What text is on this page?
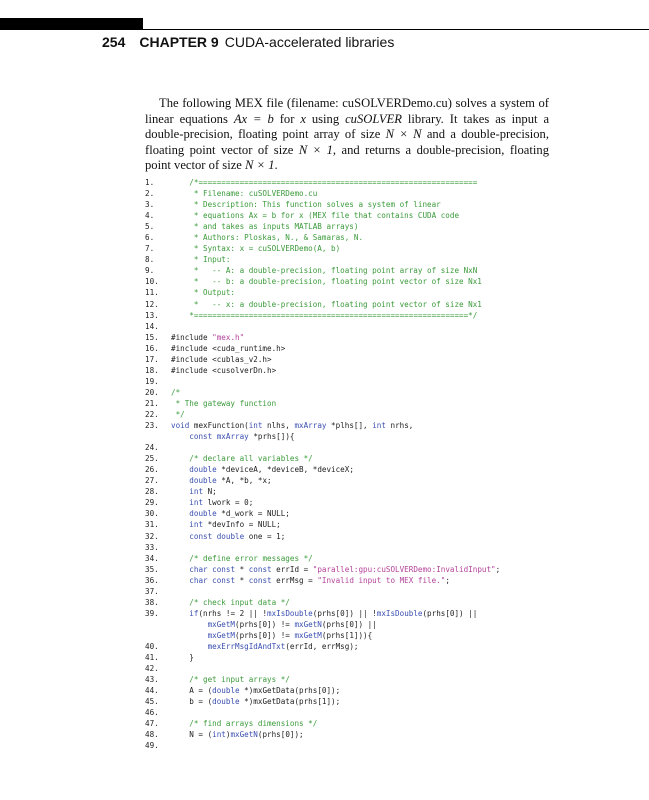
254 CHAPTER 9 CUDA-accelerated libraries

The following MEX file (filename: cuSOLVERDemo.cu) solves a system of linear equations Ax = b for x using cuSOLVER library. It takes as input a double-precision, floating point array of size N × N and a double-precision, floating point vector of size N × 1, and returns a double-precision, floating point vector of size N × 1.

1.	/*=============================================================
2.	* Filename: cuSOLVERDemo.cu
3.	* Description: This function solves a system of linear
4.	* equations Ax = b for x (MEX file that contains CUDA code
5.	* and takes as inputs MATLAB arrays)
6.	* Authors: Ploskas, N., & Samaras, N.
7.	* Syntax: x = cuSOLVERDemo(A, b)
8.	* Input:
9.	*   -- A: a double-precision, floating point array of size NxN
10.	*   -- b: a double-precision, floating point vector of size Nx1
11.	* Output:
12.	*   -- x: a double-precision, floating point vector of size Nx1
13.	*============================================================*/
14.
15. #include "mex.h"
16. #include <cuda_runtime.h>
17. #include <cublas_v2.h>
18. #include <cusolverDn.h>
19.
20. /*
21. * The gateway function
22. */
23. void mexFunction(int nlhs, mxArray *plhs[], int nrhs,
const mxArray *prhs[]){
24.
25.	/* declare all variables */
26.	double *deviceA, *deviceB, *deviceX;
27.	double *A, *b, *x;
28.	int N;
29.	int lwork = 0;
30.	double *d_work = NULL;
31.	int *devInfo = NULL;
32.	const double one = 1;
33.
34.	/* define error messages */
35.	char const * const errId = "parallel:gpu:cuSOLVERDemo:InvalidInput";
36.	char const * const errMsg = "Invalid input to MEX file.";
37.
38.	/* check input data */
39.	if(nrhs != 2 || !mxIsDouble(prhs[0]) || !mxIsDouble(prhs[0]) ||
mxGetM(prhs[0]) != mxGetN(prhs[0]) ||
mxGetM(prhs[0]) != mxGetM(prhs[1])){
40.	mexErrMsgIdAndTxt(errId, errMsg);
41.    }
42.
43.	/* get input arrays */
44.    A = (double *)mxGetData(prhs[0]);
45.    b = (double *)mxGetData(prhs[1]);
46.
47.	/* find arrays dimensions */
48.    N = (int)mxGetN(prhs[0]);
49.
